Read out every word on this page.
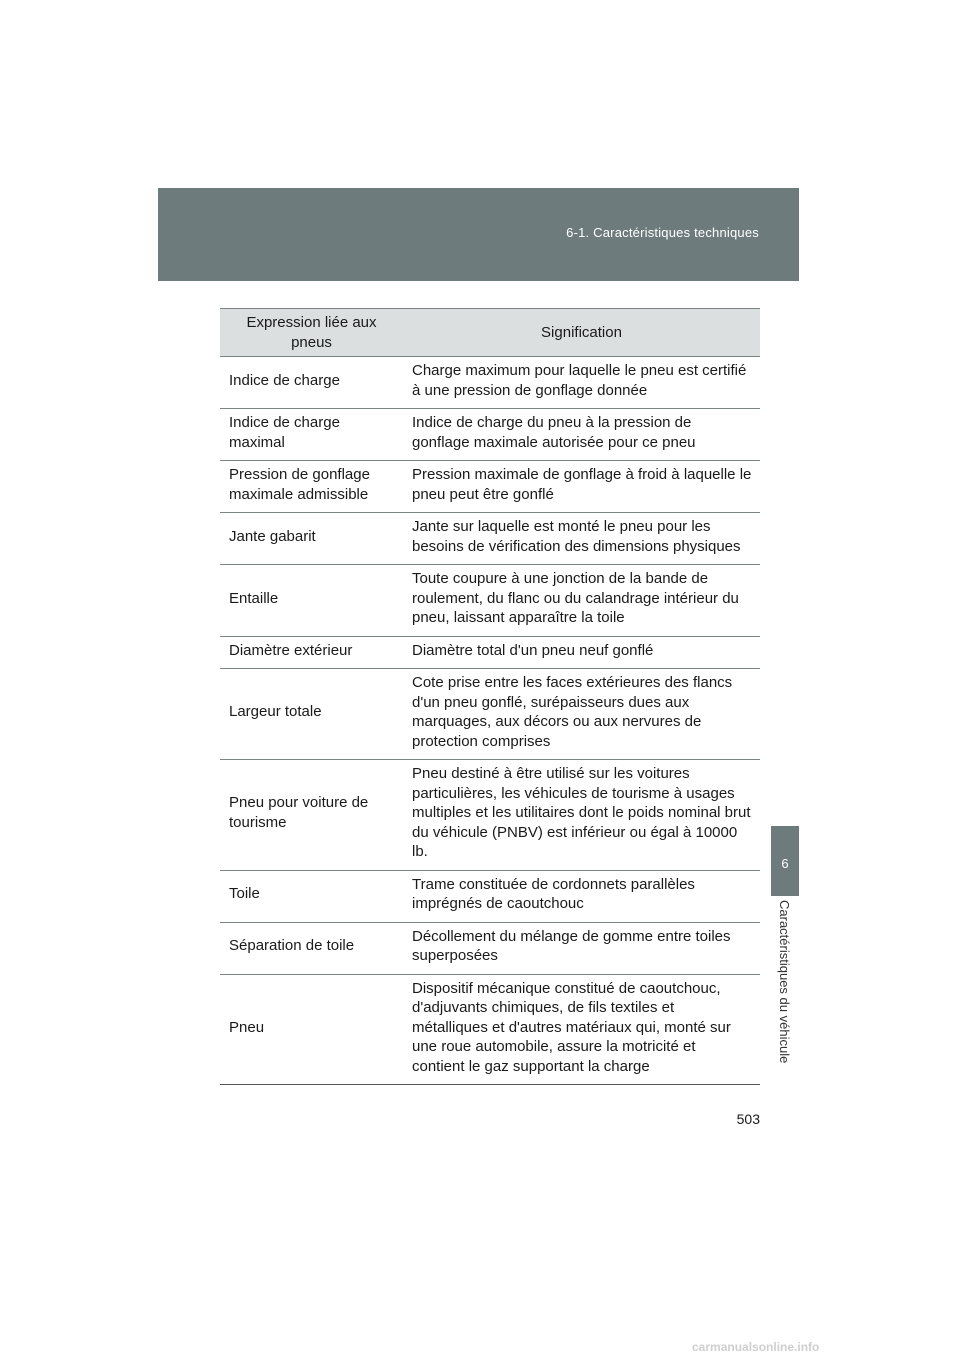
6-1. Caractéristiques techniques
6
Caractéristiques du véhicule
Expression liée aux pneus	Signification
Indice de charge	Charge maximum pour laquelle le pneu est certifié à une pression de gonflage donnée
Indice de charge maximal	Indice de charge du pneu à la pression de gonflage maximale autorisée pour ce pneu
Pression de gonflage maximale admissible	Pression maximale de gonflage à froid à laquelle le pneu peut être gonflé
Jante gabarit	Jante sur laquelle est monté le pneu pour les besoins de vérification des dimensions physiques
Entaille	Toute coupure à une jonction de la bande de roulement, du flanc ou du calandrage intérieur du pneu, laissant apparaître la toile
Diamètre extérieur	Diamètre total d'un pneu neuf gonflé
Largeur totale	Cote prise entre les faces extérieures des flancs d'un pneu gonflé, surépaisseurs dues aux marquages, aux décors ou aux nervures de protection comprises
Pneu pour voiture de tourisme	Pneu destiné à être utilisé sur les voitures particulières, les véhicules de tourisme à usages multiples et les utilitaires dont le poids nominal brut du véhicule (PNBV) est inférieur ou égal à 10000 lb.
Toile	Trame constituée de cordonnets parallèles imprégnés de caoutchouc
Séparation de toile	Décollement du mélange de gomme entre toiles superposées
Pneu	Dispositif mécanique constitué de caoutchouc, d'adjuvants chimiques, de fils textiles et métalliques et d'autres matériaux qui, monté sur une roue automobile, assure la motricité et contient le gaz supportant la charge
503
carmanualsonline.info
